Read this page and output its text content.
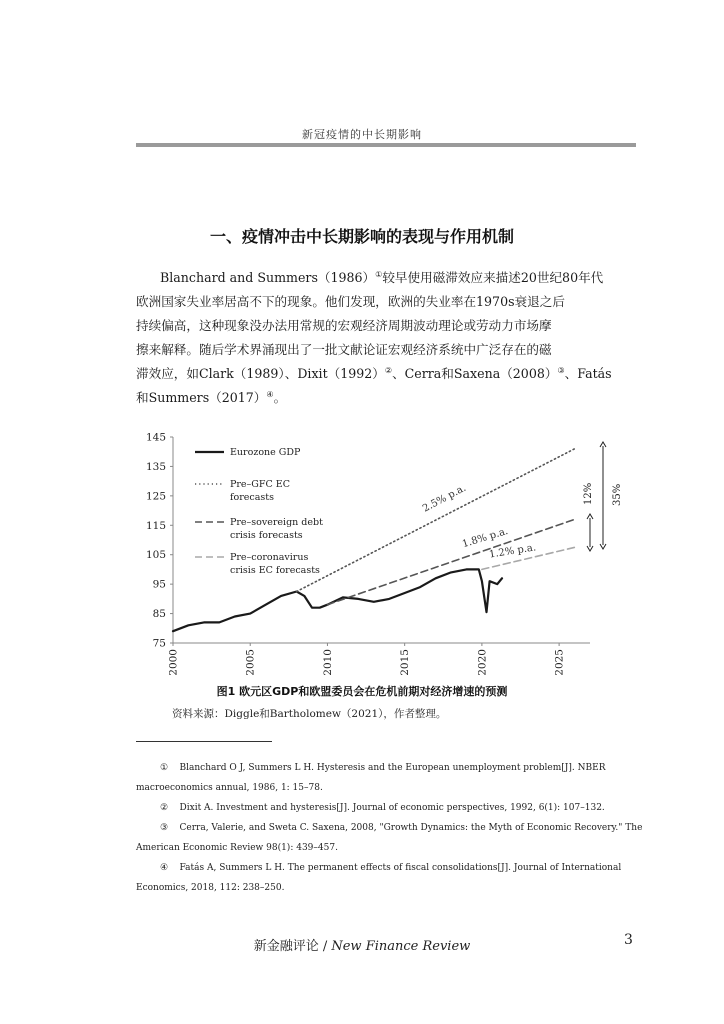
新冠疫情的中长期影响
一、疫情冲击中长期影响的表现与作用机制
Blanchard and Summers（1986）①较早使用磁滞效应来描述20世纪80年代
欧洲国家失业率居高不下的现象。他们发现，欧洲的失业率在1970s衰退之后
持续偏高，这种现象没办法用常规的宏观经济周期波动理论或劳动力市场摩
擦来解释。随后学术界涌现出了一批文献论证宏观经济系统中广泛存在的磁
滞效应，如Clark（1989）、Dixit（1992）②、Cerra和Saxena（2008）③、Fatás
和Summers（2017）④。
75
85
95
105
115
125
135
145
2000	2005	2010	2015	2020	2025
Eurozone GDP
Pre–GFC EC
forecasts
Pre–sovereign debt
crisis forecasts
Pre–coronavirus
crisis EC forecasts
2.5% p.a.
1.8% p.a.
1.2% p.a.
12% 35%
图1 欧元区GDP和欧盟委员会在危机前期对经济增速的预测
资料来源：Diggle和Bartholomew（2021），作者整理。
① Blanchard O J, Summers L H. Hysteresis and the European unemployment problem[J]. NBER
macroeconomics annual, 1986, 1: 15–78.
② Dixit A. Investment and hysteresis[J]. Journal of economic perspectives, 1992, 6(1): 107–132.
③ Cerra, Valerie, and Sweta C. Saxena, 2008, "Growth Dynamics: the Myth of Economic Recovery." The
American Economic Review 98(1): 439–457.
④ Fatás A, Summers L H. The permanent effects of fiscal consolidations[J]. Journal of International
Economics, 2018, 112: 238–250.
新金融评论 / New Finance Review	3
